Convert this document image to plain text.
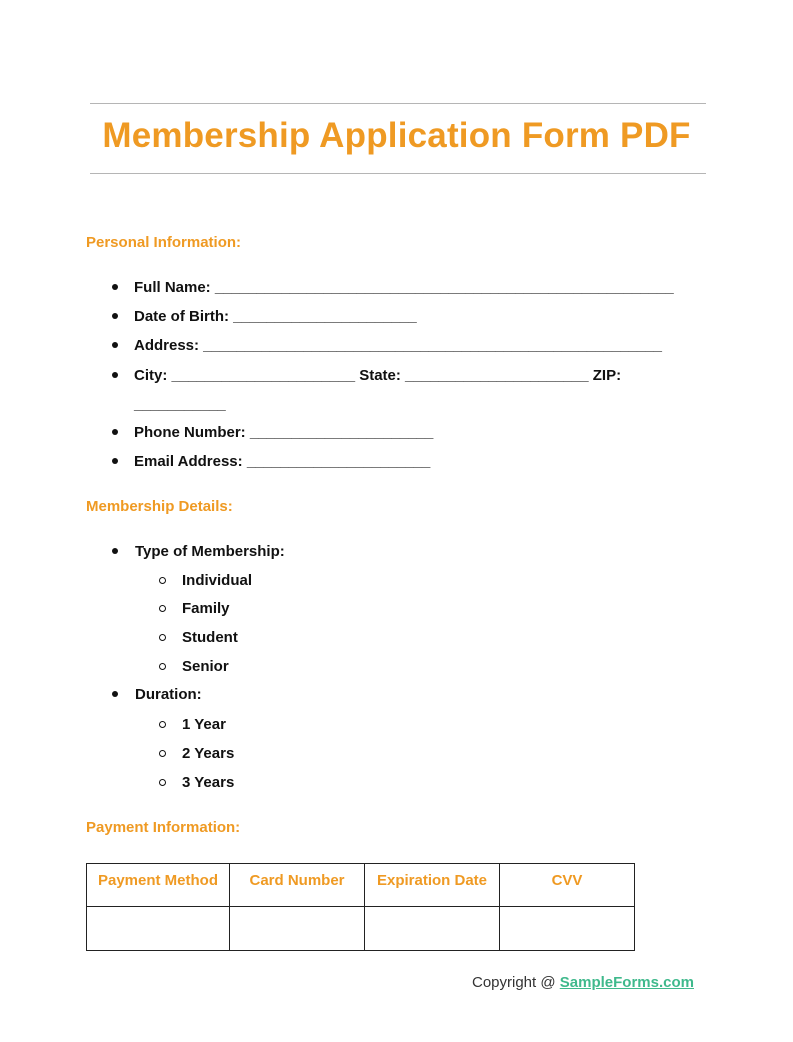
Membership Application Form PDF
Personal Information:
Full Name: _______________________________________________________
Date of Birth: ______________________
Address: _______________________________________________________
City: ______________________ State: ______________________ ZIP:
___________
Phone Number: ______________________
Email Address: ______________________
Membership Details:
Type of Membership:
Individual
Family
Student
Senior
Duration:
1 Year
2 Years
3 Years
Payment Information:
Payment Method	Card Number	Expiration Date	CVV

Copyright @ SampleForms.com
